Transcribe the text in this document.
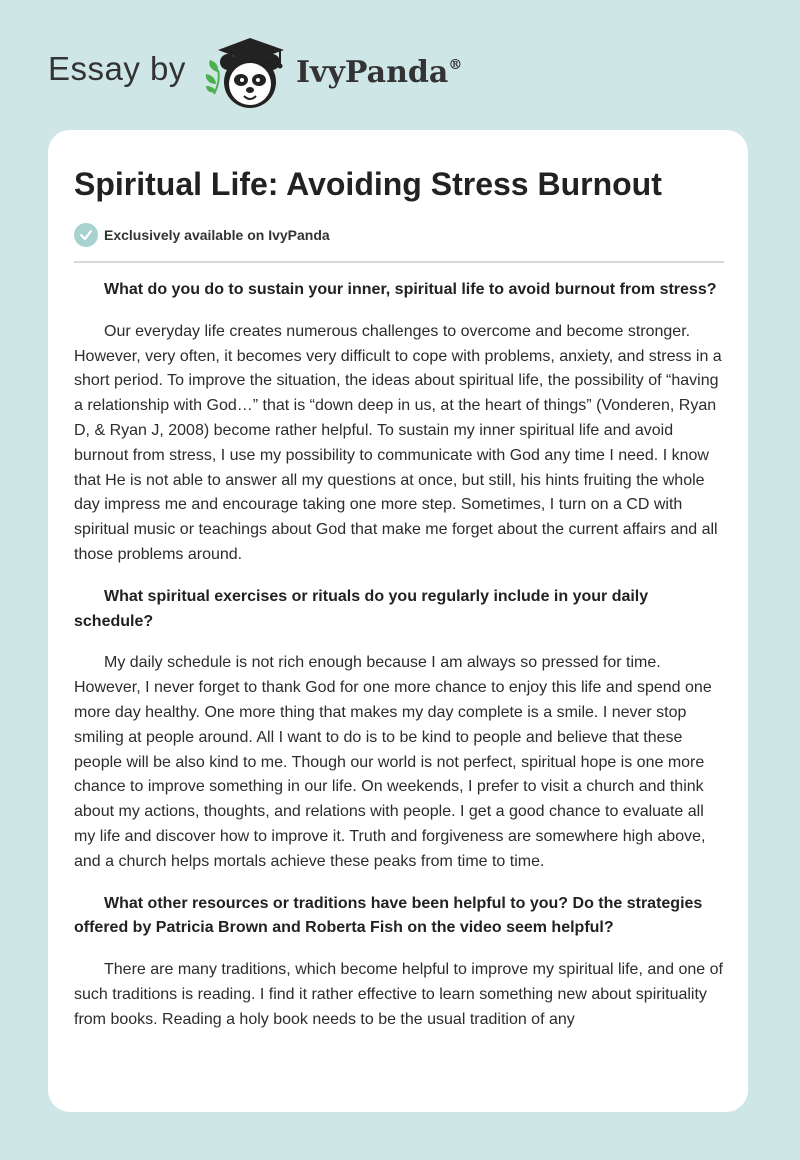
Essay by	IvyPanda®
Spiritual Life: Avoiding Stress Burnout
Exclusively available on IvyPanda

What do you do to sustain your inner, spiritual life to avoid burnout from stress?

Our everyday life creates numerous challenges to overcome and become stronger. However, very often, it becomes very difficult to cope with problems, anxiety, and stress in a short period. To improve the situation, the ideas about spiritual life, the possibility of “having a relationship with God…” that is “down deep in us, at the heart of things” (Vonderen, Ryan D, & Ryan J, 2008) become rather helpful. To sustain my inner spiritual life and avoid burnout from stress, I use my possibility to communicate with God any time I need. I know that He is not able to answer all my questions at once, but still, his hints fruiting the whole day impress me and encourage taking one more step. Sometimes, I turn on a CD with spiritual music or teachings about God that make me forget about the current affairs and all those problems around.

What spiritual exercises or rituals do you regularly include in your daily schedule?

My daily schedule is not rich enough because I am always so pressed for time. However, I never forget to thank God for one more chance to enjoy this life and spend one more day healthy. One more thing that makes my day complete is a smile. I never stop smiling at people around. All I want to do is to be kind to people and believe that these people will be also kind to me. Though our world is not perfect, spiritual hope is one more chance to improve something in our life. On weekends, I prefer to visit a church and think about my actions, thoughts, and relations with people. I get a good chance to evaluate all my life and discover how to improve it. Truth and forgiveness are somewhere high above, and a church helps mortals achieve these peaks from time to time.

What other resources or traditions have been helpful to you? Do the strategies offered by Patricia Brown and Roberta Fish on the video seem helpful?

There are many traditions, which become helpful to improve my spiritual life, and one of such traditions is reading. I find it rather effective to learn something new about spirituality from books. Reading a holy book needs to be the usual tradition of any
